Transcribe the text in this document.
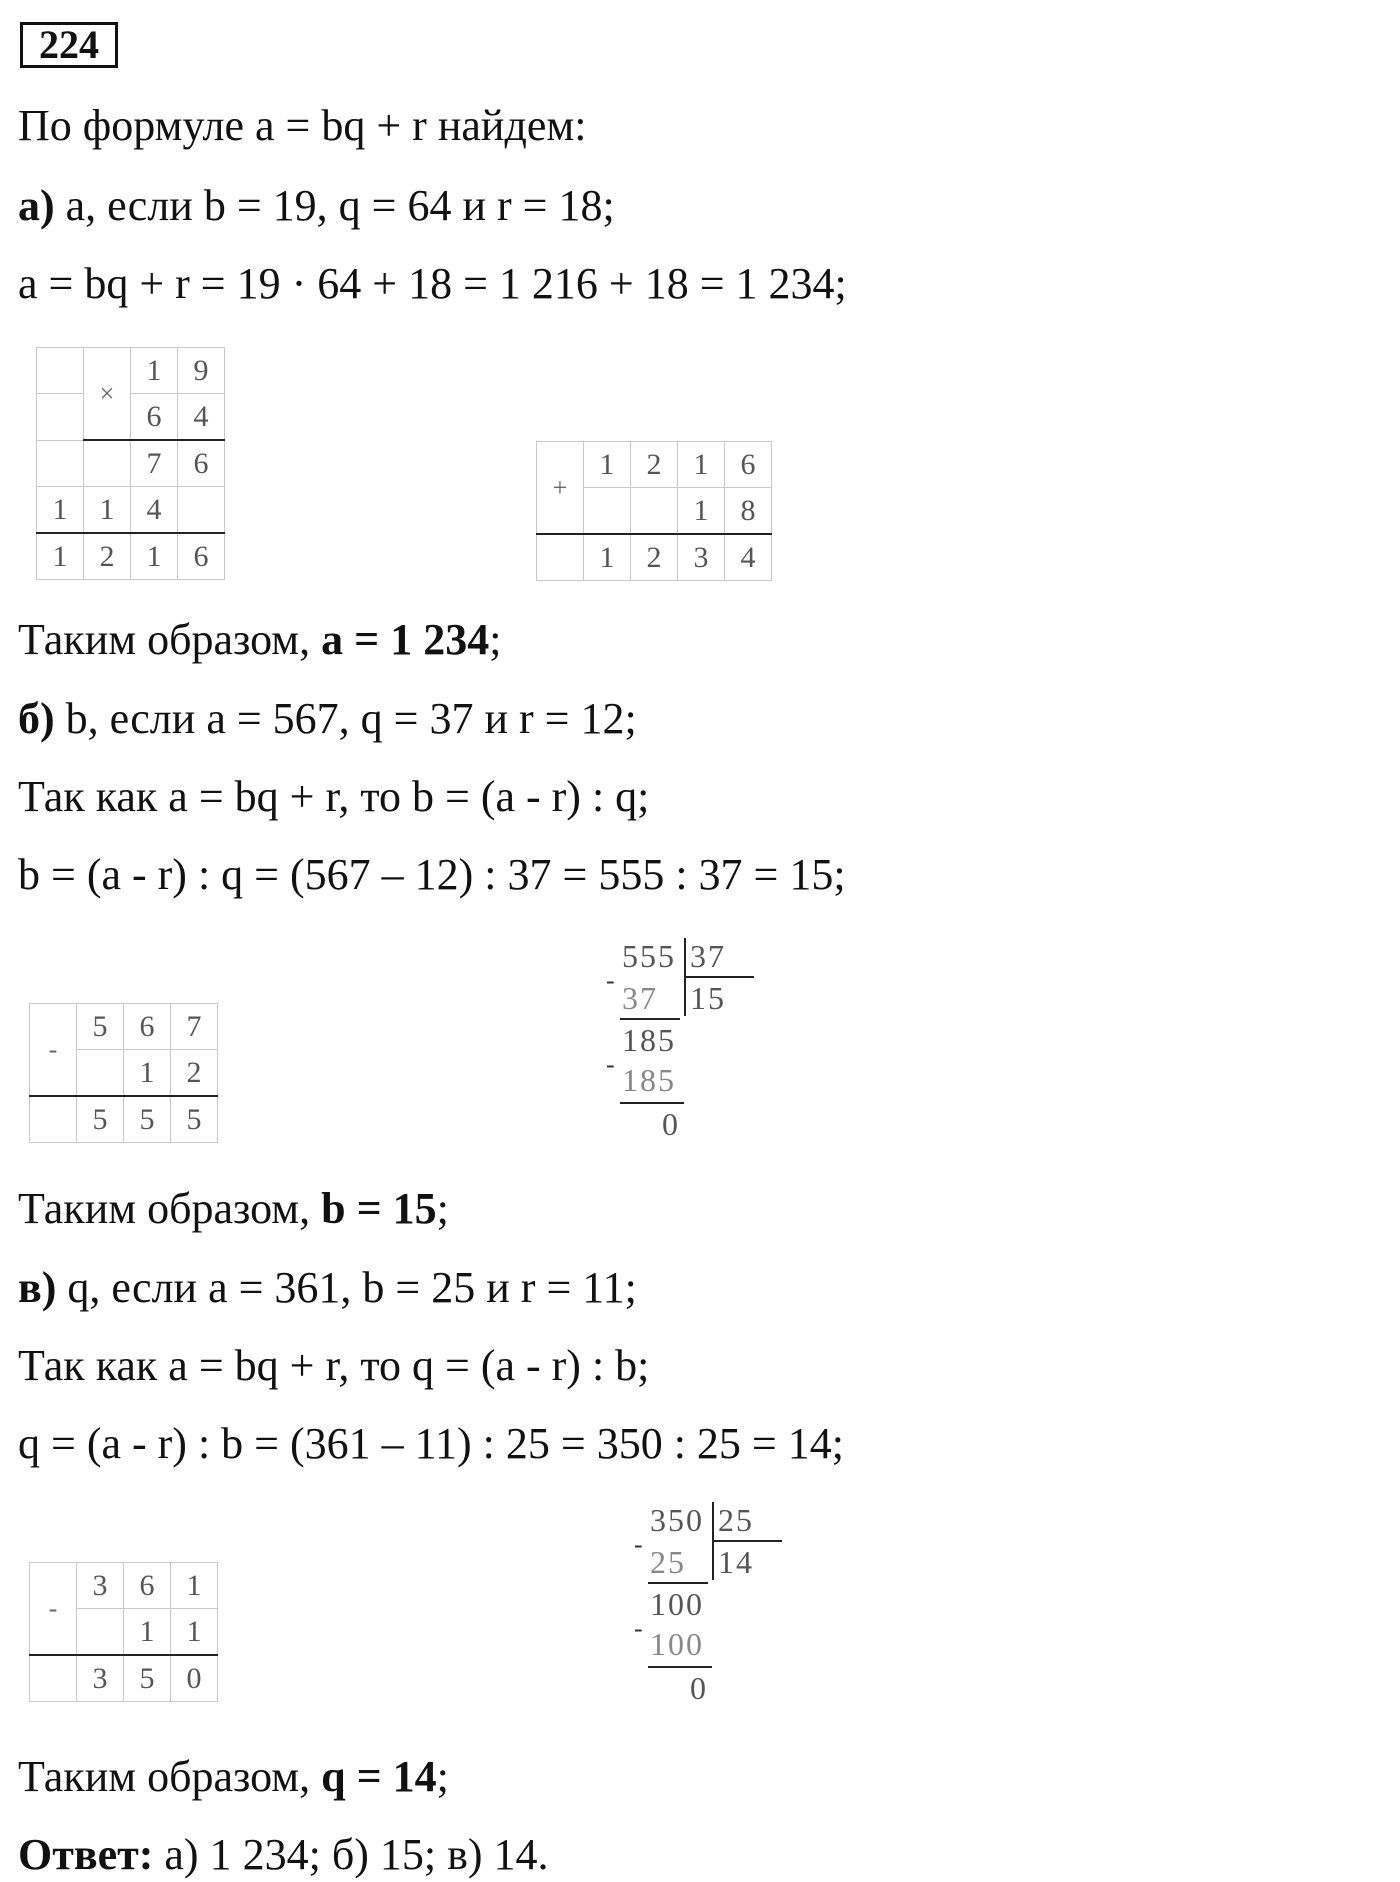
224
По формуле a = bq + r найдем:
а) a, если b = 19, q = 64 и r = 18;
a = bq + r = 19 · 64 + 18 = 1 216 + 18 = 1 234;
	×	1	9
		6	4
		7	6
1	1	4	
1	2	1	6
+	1	2	1	6
			1	8
	1	2	3	4
Таким образом, a = 1 234;
б) b, если a = 567, q = 37 и r = 12;
Так как a = bq + r, то b = (a - r) : q;
b = (a - r) : q = (567 – 12) : 37 = 555 : 37 = 15;
-	5	6	7
		1	2
	5	5	5
-
555 37
37 15
185
- 185
0
Таким образом, b = 15;
в) q, если a = 361, b = 25 и r = 11;
Так как a = bq + r, то q = (a - r) : b;
q = (a - r) : b = (361 – 11) : 25 = 350 : 25 = 14;
-	3	6	1
		1	1
	3	5	0
-
350 25
25 14
100
- 100
0
Таким образом, q = 14;
Ответ: а) 1 234; б) 15; в) 14.
